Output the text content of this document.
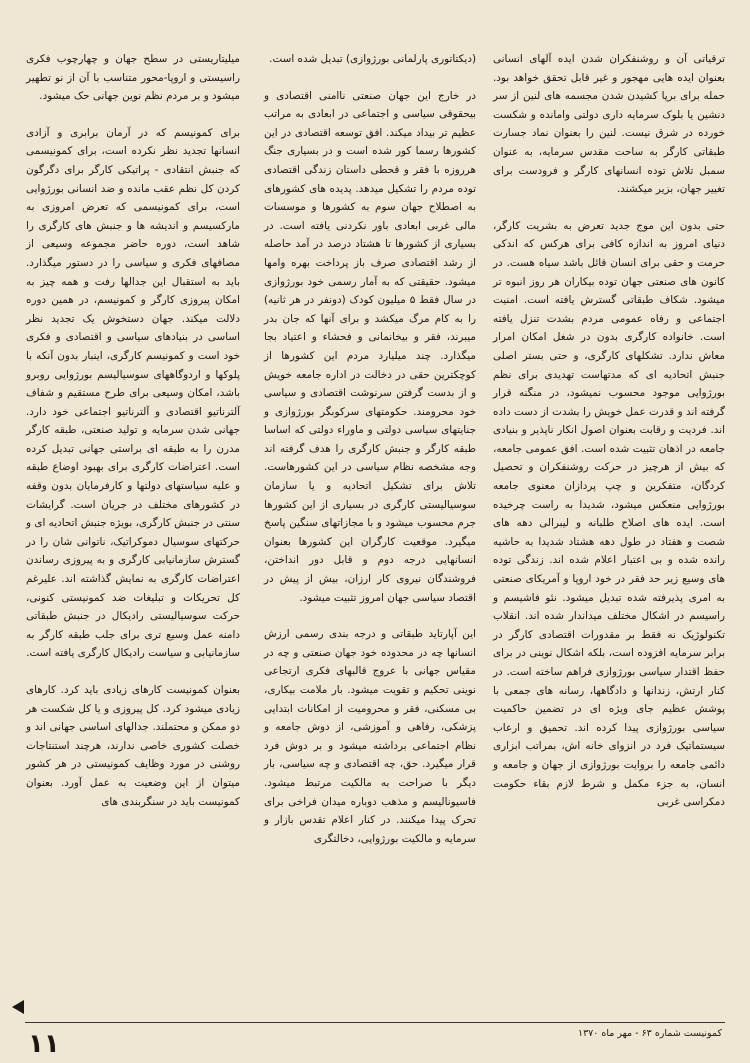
ترقیاتی آن و روشنفکران شدن ایده آلهای انسانی بعنوان ایده هایی مهجور و غیر قابل تحقق خواهد بود. حمله برای برپا کشیدن شدن مجسمه های لنین از سر دنشین یا بلوک سرمایه داری دولتی وامانده و شکست خورده در شرق نیست. لنین را بعنوان نماد جسارت طبقاتی کارگر به ساحت مقدس سرمایه، به عنوان سمبل تلاش توده انسانهای کارگر و فرودست برای تغییر جهان، بزیر میکشند.

حتی بدون این موج جدید تعرض به بشریت کارگر، دنیای امروز به اندازه کافی برای هرکس که اندکی حرمت و حقی برای انسان قائل باشد سیاه هست. در کانون های صنعتی جهان توده بیکاران هر روز انبوه تر میشود. شکاف طبقاتی گسترش یافته است. امنیت اجتماعی و رفاه عمومی مردم بشدت تنزل یافته است. خانواده کارگری بدون در شغل امکان امرار معاش ندارد. تشکلهای کارگری، و حتی بستر اصلی جنبش اتحادیه ای که مدتهاست تهدیدی برای نظم بورژوایی موجود محسوب نمیشود، در منگنه قرار گرفته اند و قدرت عمل خویش را بشدت از دست داده اند. فردیت و رقابت بعنوان اصول انکار ناپذیر و بنیادی جامعه در اذهان تثبیت شده است. افق عمومی جامعه، که بیش از هرچیز در حرکت روشنفکران و تحصیل کردگان، متفکرین و چپ پردازان معنوی جامعه بورژوایی منعکس میشود، شدیدا به راست چرخیده است. ایده های اصلاح طلبانه و لیبرالی دهه های شصت و هفتاد در طول دهه هشتاد شدیدا به حاشیه رانده شده و بی اعتبار اعلام شده اند. زندگی توده های وسیع زیر حد فقر در خود اروپا و آمریکای صنعتی به امری پذیرفته شده تبدیل میشود. نئو فاشیسم و راسیسم در اشکال مختلف میداندار شده اند. انقلاب تکنولوژیک نه فقط بر مقدورات اقتصادی کارگر در برابر سرمایه افزوده است، بلکه اشکال نوینی در برای حفظ اقتدار سیاسی بورژوازی فراهم ساخته است. در کنار ارتش، زندانها و دادگاهها، رسانه های جمعی با پوشش عظیم جای ویژه ای در تضمین حاکمیت سیاسی بورژوازی پیدا کرده اند. تحمیق و ارعاب سیستماتیک فرد در انزوای خانه اش، بمراتب ابزاری دائمی جامعه را بروایت بورژوازی از جهان و جامعه و انسان، به جزء مکمل و شرط لازم بقاء حکومت دمکراسی غربی

(دیکتاتوری پارلمانی بورژوازی) تبدیل شده است.

در خارج این جهان صنعتی ناامنی اقتصادی و بیحقوقی سیاسی و اجتماعی در ابعادی به مراتب عظیم تر بیداد میکند. افق توسعه اقتصادی در این کشورها رسما کور شده است و در بسیاری جنگ هرروزه با فقر و قحطی داستان زندگی اقتصادی توده مردم را تشکیل میدهد. پدیده های کشورهای به اصطلاح جهان سوم به کشورها و موسسات مالی غربی ابعادی باور نکردنی یافته است. در بسیاری از کشورها تا هشتاد درصد در آمد حاصله از رشد اقتصادی صرف باز پرداخت بهره وامها میشود. حقیقتی که به آمار رسمی خود بورژوازی در سال فقط ۵ میلیون کودک (دونفر در هر ثانیه) را به کام مرگ میکشد و برای آنها که جان بدر میبرند، فقر و بیخانمانی و فحشاء و اعتیاد بجا میگذارد. چند میلیارد مردم این کشورها از کوچکترین حقی در دخالت در اداره جامعه خویش و از بدست گرفتن سرنوشت اقتصادی و سیاسی خود محرومند. حکومتهای سرکوبگر بورژوازی و جنایتهای سیاسی دولتی و ماوراء دولتی که اساسا طبقه کارگر و جنبش کارگری را هدف گرفته اند وجه مشخصه نظام سیاسی در این کشورهاست. تلاش برای تشکیل اتحادیه و یا سازمان سوسیالیستی کارگری در بسیاری از این کشورها جرم محسوب میشود و با مجازاتهای سنگین پاسخ میگیرد. موقعیت کارگران این کشورها بعنوان انسانهایی درجه دوم و قابل دور انداختن، فروشندگان نیروی کار ارزان، بیش از پیش در اقتصاد سیاسی جهان امروز تثبیت میشود.

این آپارتاید طبقاتی و درجه بندی رسمی ارزش انسانها چه در محدوده خود جهان صنعتی و چه در مقیاس جهانی با عروج قالبهای فکری ارتجاعی نوینی تحکیم و تقویت میشود. بار ملامت بیکاری، بی مسکنی، فقر و محرومیت از امکانات ابتدایی پزشکی، رفاهی و آموزشی، از دوش جامعه و نظام اجتماعی برداشته میشود و بر دوش فرد قرار میگیرد. حق، چه اقتصادی و چه سیاسی، بار دیگر با صراحت به مالکیت مرتبط میشود. فاسیونالیسم و مذهب دوباره میدان فراخی برای تحرک پیدا میکنند. در کنار اعلام تقدس بازار و سرمایه و مالکیت بورژوایی، دخالتگری

میلیتاریستی در سطح جهان و چهارچوب فکری راسیستی و اروپا-محور متناسب با آن از نو تطهیر میشود و بر مردم نظم نوین جهانی حک میشود.

برای کمونیسم که در آرمان برابری و آزادی انسانها تجدید نظر نکرده است، برای کمونیسمی که جنبش انتقادی - پراتیکی کارگر برای دگرگون کردن کل نظم عقب مانده و ضد انسانی بورژوایی است، برای کمونیسمی که تعرض امروزی به مارکسیسم و اندیشه ها و جنبش های کارگری را شاهد است، دوره حاضر مجموعه وسیعی از مصافهای فکری و سیاسی را در دستور میگذارد. باید به استقبال این جدالها رفت و همه چیز به امکان پیروزی کارگر و کمونیسم، در همین دوره دلالت میکند. جهان دستخوش یک تجدید نظر اساسی در بنیادهای سیاسی و اقتصادی و فکری خود است و کمونیسم کارگری، اینبار بدون آنکه با پلوکها و اردوگاههای سوسیالیسم بورژوایی روبرو باشد، امکان وسیعی برای طرح مستقیم و شفاف آلترناتیو اقتصادی و آلترناتیو اجتماعی خود دارد. جهانی شدن سرمایه و تولید صنعتی، طبقه کارگر مدرن را به طبقه ای براستی جهانی تبدیل کرده است. اعتراضات کارگری برای بهبود اوضاع طبقه و علیه سیاستهای دولتها و کارفرمایان بدون وقفه در کشورهای مختلف در جریان است. گرایشات سنتی در جنبش کارگری، بویژه جنبش اتحادیه ای و حرکتهای سوسیال دموکراتیک، ناتوانی شان را در گسترش سازمانیابی کارگری و به پیروزی رساندن اعتراضات کارگری به نمایش گذاشته اند. علیرغم کل تحریکات و تبلیغات ضد کمونیستی کنونی، حرکت سوسیالیستی رادیکال در جنبش طبقاتی دامنه عمل وسیع تری برای جلب طبقه کارگر به سازمانیابی و سیاست رادیکال کارگری یافته است.

بعنوان کمونیست کارهای زیادی باید کرد. کارهای زیادی میشود کرد. کل پیروزی و یا کل شکست هر دو ممکن و محتملند. جدالهای اساسی جهانی اند و خصلت کشوری خاصی ندارند، هرچند استنتاجات روشنی در مورد وظایف کمونیستی در هر کشور میتوان از این وضعیت به عمل آورد. بعنوان کمونیست باید در سنگربندی های

کمونیست شماره ۶۳ - مهر ماه ۱۳۷۰
۱۱
